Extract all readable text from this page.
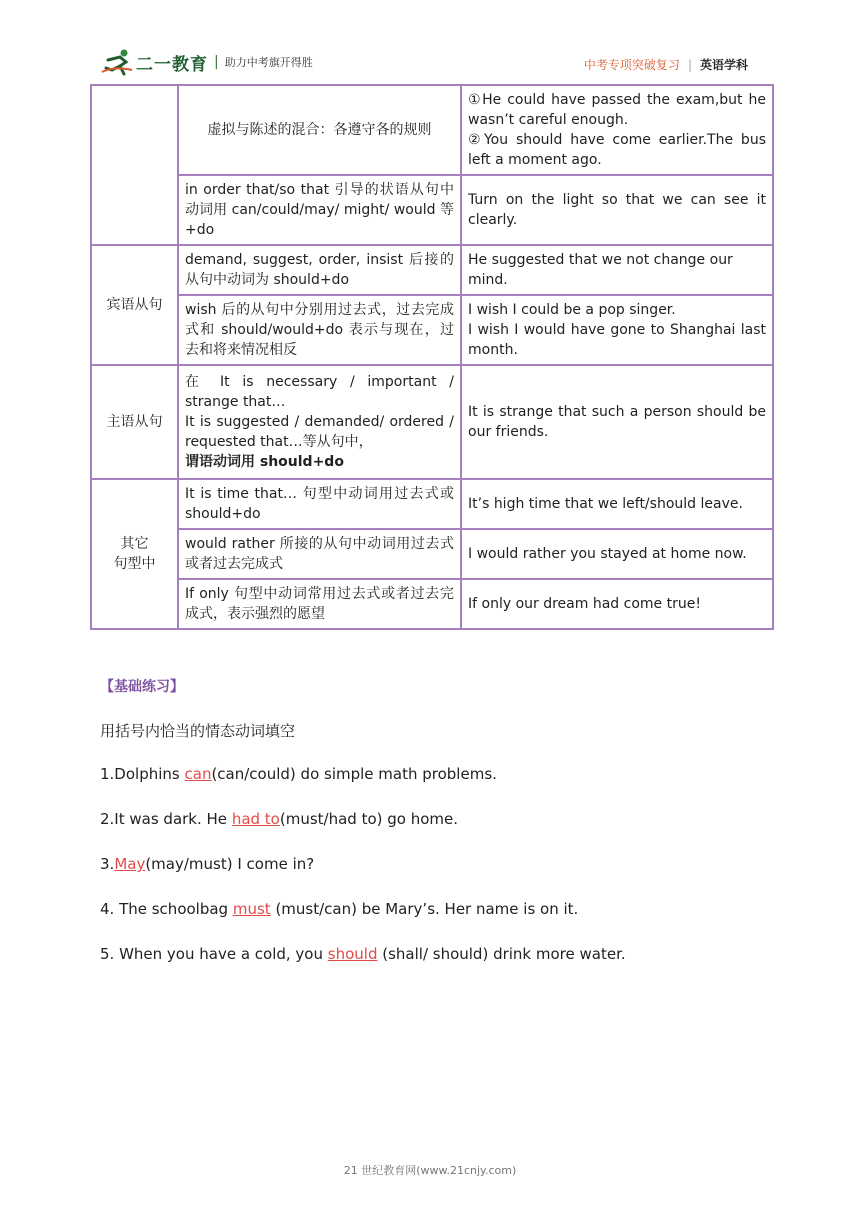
二一教育 | 助力中考旗开得胜	中考专项突破复习 | 英语学科
	虚拟与陈述的混合：各遵守各的规则	①He could have passed the exam,but he wasn’t careful enough.
②You should have come earlier.The bus left a moment ago.

	in order that/so that 引导的状语从句中动词用 can/could/may/ might/ would 等+do	Turn on the light so that we can see it clearly.
宾语从句	demand, suggest, order, insist 后接的从句中动词为 should+do	He suggested that we not change our mind.
	wish 后的从句中分别用过去式，过去完成式和 should/would+do 表示与现在，过去和将来情况相反	I wish I could be a pop singer.
I wish I would have gone to Shanghai last month.

主语从句	在 It is necessary / important / strange that…
It is suggested / demanded/ ordered / requested that…等从句中，
谓语动词用 should+do	It is strange that such a person should be our friends.

其它
句型中	It is time that… 句型中动词用过去式或should+do	It’s high time that we left/should leave.
	would rather 所接的从句中动词用过去式或者过去完成式	I would rather you stayed at home now.
	If only 句型中动词常用过去式或者过去完成式，表示强烈的愿望	If only our dream had come true!
【基础练习】
用括号内恰当的情态动词填空
1.Dolphins can(can/could) do simple math problems.
2.It was dark. He had to(must/had to) go home.
3.May(may/must) I come in?
4. The schoolbag must (must/can) be Mary’s. Her name is on it.
5. When you have a cold, you should (shall/ should) drink more water.
21 世纪教育网(www.21cnjy.com)
